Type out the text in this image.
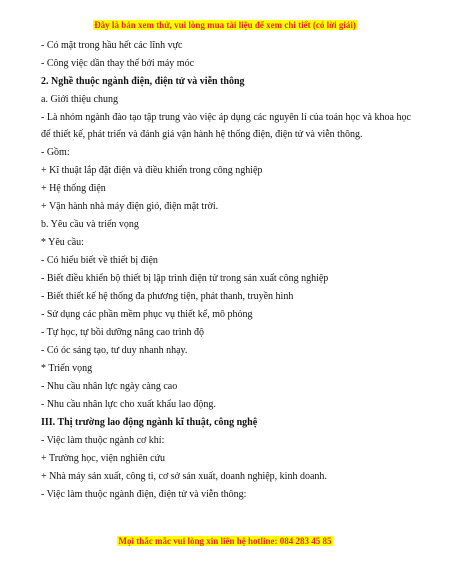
Đây là bản xem thử, vui lòng mua tài liệu để xem chi tiết (có lời giải)

- Có mặt trong hầu hết các lĩnh vực

- Công việc dần thay thế bởi máy móc

2. Nghề thuộc ngành điện, điện tử và viễn thông

a. Giới thiệu chung

- Là nhóm ngành đào tạo tập trung vào việc áp dụng các nguyên lí của toán học và khoa học để thiết kế, phát triển và đánh giá vận hành hệ thống điện, điện tử và viễn thông.

- Gồm:

+ Kĩ thuật lắp đặt điện và điều khiển trong công nghiệp

+ Hệ thống điện

+ Vận hành nhà máy điện gió, điện mặt trời.

b. Yêu cầu và triển vọng

* Yêu cầu:

- Có hiểu biết về thiết bị điện

- Biết điều khiển bộ thiết bị lập trình điện tử trong sản xuất công nghiệp

- Biết thiết kế hệ thống đa phương tiện, phát thanh, truyền hình

- Sử dụng các phần mềm phục vụ thiết kế, mô phỏng

- Tự học, tự bồi dưỡng nâng cao trình độ

- Có óc sáng tạo, tư duy nhanh nhạy.

* Triển vọng

- Nhu cầu nhân lực ngày càng cao

- Nhu cầu nhân lực cho xuất khẩu lao động.

III. Thị trường lao động ngành kĩ thuật, công nghệ

- Việc làm thuộc ngành cơ khí:

+ Trường học, viện nghiên cứu

+ Nhà máy sản xuất, công ti, cơ sở sản xuất, doanh nghiệp, kinh doanh.

- Việc làm thuộc ngành điện, điện tử và viễn thông:

Mọi thắc mắc vui lòng xin liên hệ hotline: 084 283 45 85
